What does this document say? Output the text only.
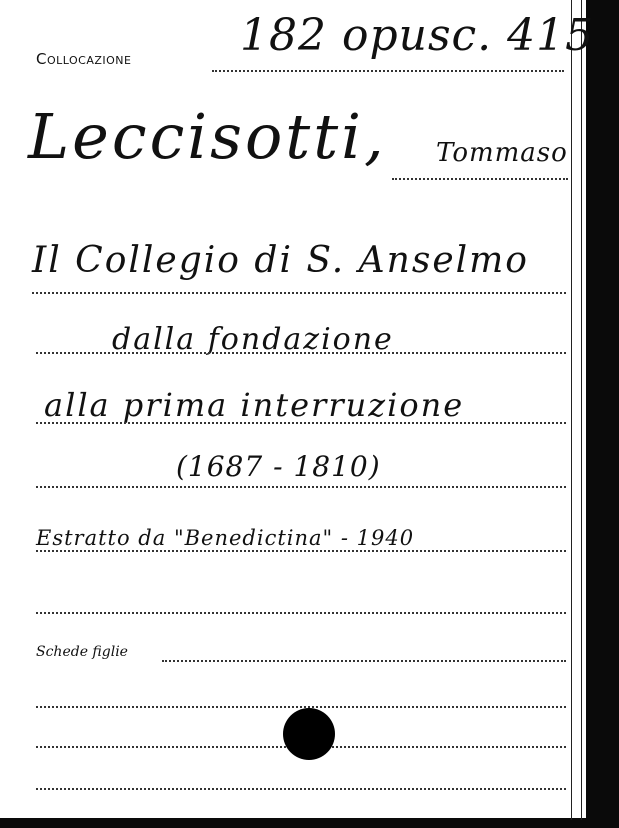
Collocazione 182 opusc. 415
Leccisotti, Tommaso
Il Collegio di S. Anselmo
dalla fondazione
alla prima interruzione
(1687 - 1810)
Estratto da "Benedictina" - 1940
Schede figlie
